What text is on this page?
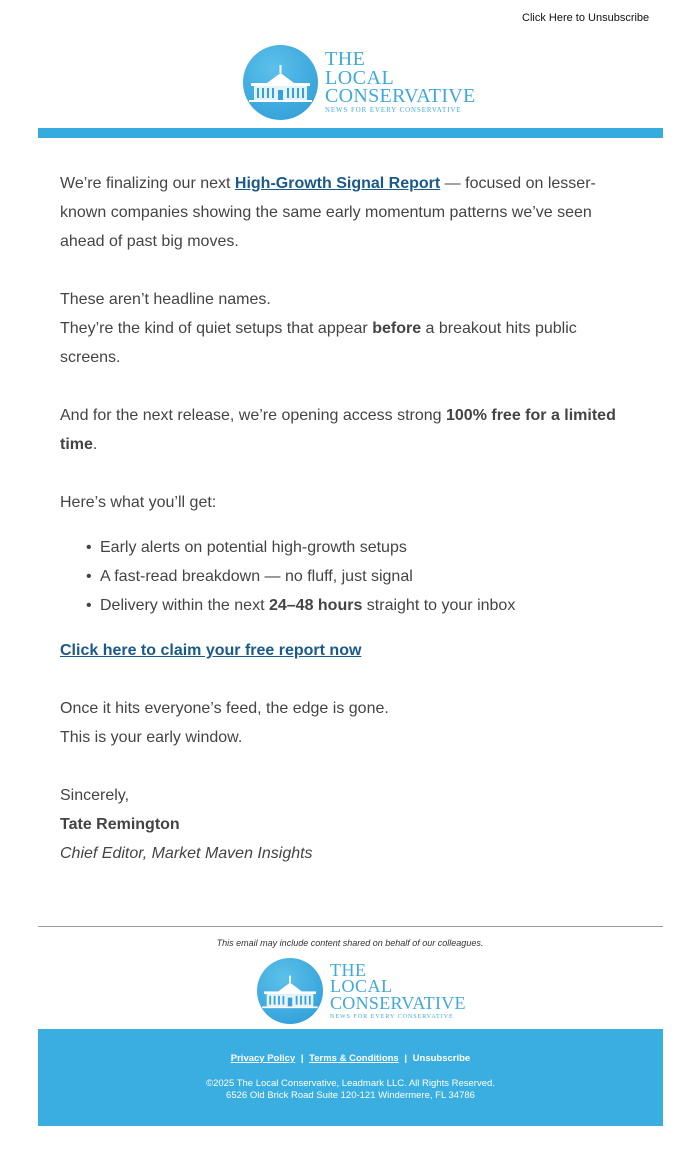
Click Here to Unsubscribe
THE
LOCAL
CONSERVATIVE
NEWS FOR EVERY CONSERVATIVE

We’re finalizing our next High-Growth Signal Report — focused on lesser-known companies showing the same early momentum patterns we’ve seen ahead of past big moves.

These aren’t headline names.

They’re the kind of quiet setups that appear before a breakout hits public screens.

And for the next release, we’re opening access strong 100% free for a limited time.

Here’s what you’ll get:

• Early alerts on potential high-growth setups
• A fast-read breakdown — no fluff, just signal
• Delivery within the next 24–48 hours straight to your inbox

Click here to claim your free report now

Once it hits everyone’s feed, the edge is gone.

This is your early window.

Sincerely,

Tate Remington

Chief Editor, Market Maven Insights

This email may include content shared on behalf of our colleagues.
THE
LOCAL
CONSERVATIVE
NEWS FOR EVERY CONSERVATIVE
Privacy Policy | Terms & Conditions | Unsubscribe
©2025 The Local Conservative, Leadmark LLC. All Rights Reserved.
6526 Old Brick Road Suite 120-121 Windermere, FL 34786
